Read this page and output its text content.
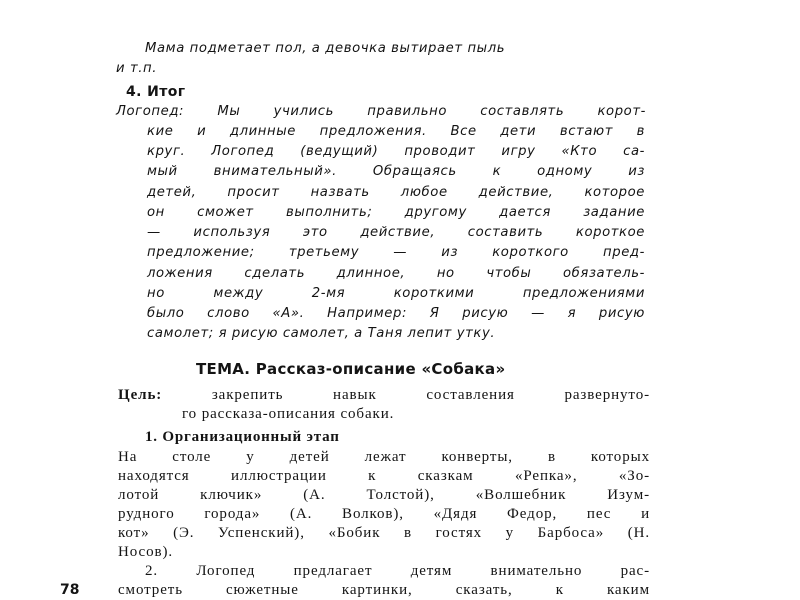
Мама подметает пол, а девочка вытирает пыль
и т.п.
4. Итог
Логопед:	Мы учились правильно составлять корот-
кие и длинные предложения. Все дети встают в
круг. Логопед (ведущий) проводит игру «Кто са-
мый внимательный». Обращаясь к одному из
детей, просит назвать любое действие, которое
он сможет выполнить; другому дается задание
— используя это действие, составить короткое
предложение; третьему — из короткого пред-
ложения сделать длинное, но чтобы обязатель-
но между 2-мя короткими предложениями
было слово «А». Например: Я рисую — я рисую
самолет; я рисую самолет, а Таня лепит утку.
ТЕМА. Рассказ-описание «Собака»
Цель:	закрепить навык составления развернуто-
го рассказа-описания собаки.
1. Организационный этап
На столе у детей лежат конверты, в которых
находятся иллюстрации к сказкам «Репка», «Зо-
лотой ключик» (А. Толстой), «Волшебник Изум-
рудного города» (А. Волков), «Дядя Федор, пес и
кот» (Э. Успенский), «Бобик в гостях у Барбоса» (Н.
Носов).
2. Логопед предлагает детям внимательно рас-
смотреть сюжетные картинки, сказать, к каким
78
